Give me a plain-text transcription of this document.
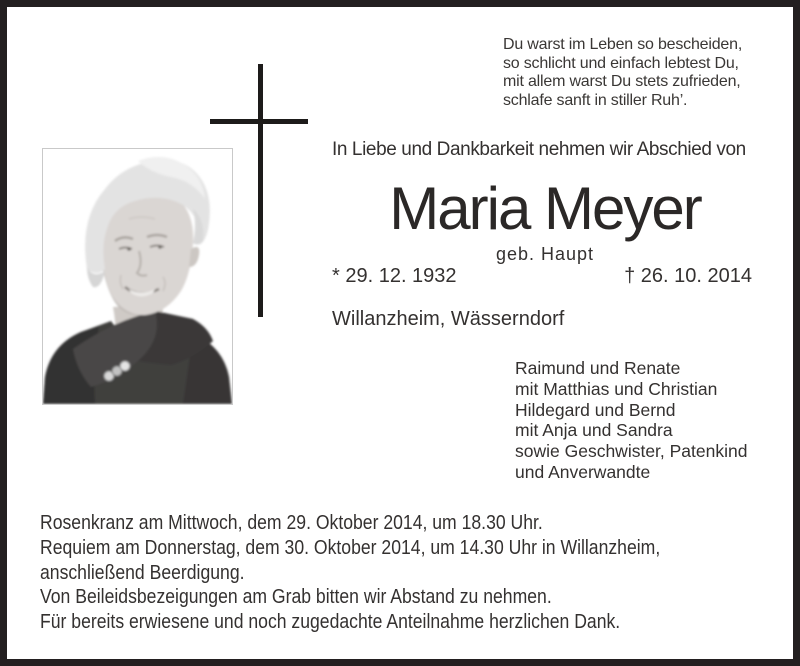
Du warst im Leben so bescheiden,
so schlicht und einfach lebtest Du,
mit allem warst Du stets zufrieden,
schlafe sanft in stiller Ruh’.
In Liebe und Dankbarkeit nehmen wir Abschied von
Maria Meyer
geb. Haupt
* 29. 12. 1932	† 26. 10. 2014
Willanzheim, Wässerndorf
Raimund und Renate
mit Matthias und Christian
Hildegard und Bernd
mit Anja und Sandra
sowie Geschwister, Patenkind
und Anverwandte
Rosenkranz am Mittwoch, dem 29. Oktober 2014, um 18.30 Uhr.
Requiem am Donnerstag, dem 30. Oktober 2014, um 14.30 Uhr in Willanzheim,
anschließend Beerdigung.
Von Beileidsbezeigungen am Grab bitten wir Abstand zu nehmen.
Für bereits erwiesene und noch zugedachte Anteilnahme herzlichen Dank.
